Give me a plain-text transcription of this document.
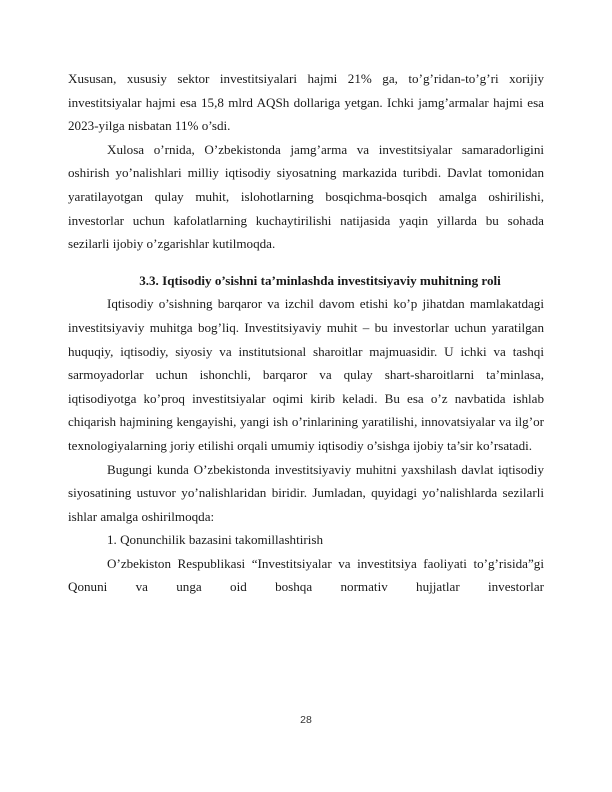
Xususan, xususiy sektor investitsiyalari hajmi 21% ga, to’g’ridan-to’g’ri xorijiy investitsiyalar hajmi esa 15,8 mlrd AQSh dollariga yetgan. Ichki jamg’armalar hajmi esa 2023-yilga nisbatan 11% o’sdi.

Xulosa o’rnida, O’zbekistonda jamg’arma va investitsiyalar samaradorligini oshirish yo’nalishlari milliy iqtisodiy siyosatning markazida turibdi. Davlat tomonidan yaratilayotgan qulay muhit, islohotlarning bosqichma-bosqich amalga oshirilishi, investorlar uchun kafolatlarning kuchaytirilishi natijasida yaqin yillarda bu sohada sezilarli ijobiy o’zgarishlar kutilmoqda.

3.3. Iqtisodiy o’sishni ta’minlashda investitsiyaviy muhitning roli

Iqtisodiy o’sishning barqaror va izchil davom etishi ko’p jihatdan mamlakatdagi investitsiyaviy muhitga bog’liq. Investitsiyaviy muhit – bu investorlar uchun yaratilgan huquqiy, iqtisodiy, siyosiy va institutsional sharoitlar majmuasidir. U ichki va tashqi sarmoyadorlar uchun ishonchli, barqaror va qulay shart-sharoitlarni ta’minlasa, iqtisodiyotga ko’proq investitsiyalar oqimi kirib keladi. Bu esa o’z navbatida ishlab chiqarish hajmining kengayishi, yangi ish o’rinlarining yaratilishi, innovatsiyalar va ilg’or texnologiyalarning joriy etilishi orqali umumiy iqtisodiy o’sishga ijobiy ta’sir ko’rsatadi.

Bugungi kunda O’zbekistonda investitsiyaviy muhitni yaxshilash davlat iqtisodiy siyosatining ustuvor yo’nalishlaridan biridir. Jumladan, quyidagi yo’nalishlarda sezilarli ishlar amalga oshirilmoqda:

1. Qonunchilik bazasini takomillashtirish

O’zbekiston Respublikasi “Investitsiyalar va investitsiya faoliyati to’g’risida”gi Qonuni va unga oid boshqa normativ hujjatlar investorlar

28
